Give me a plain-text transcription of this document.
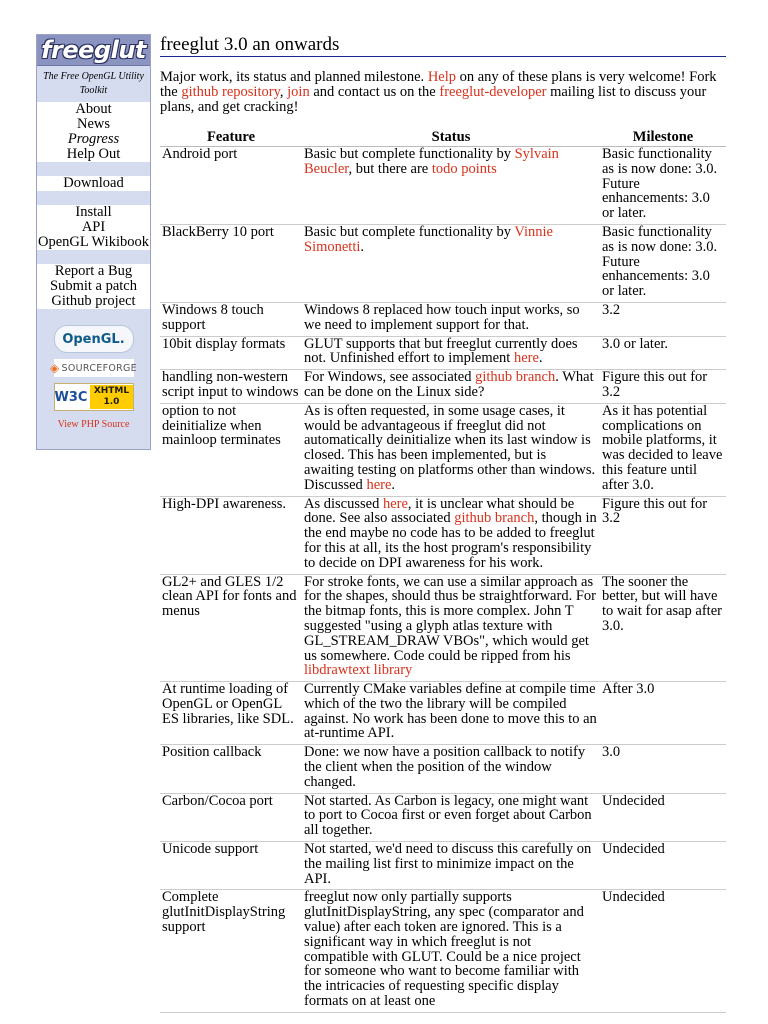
freeglut
The Free OpenGL Utility Toolkit
About
News
Progress
Help Out
Download
Install
API
OpenGL Wikibook
Report a Bug
Submit a patch
Github project
OpenGL.
◈ SOURCEFORGE
W3C XHTML 1.0
View PHP Source
freeglut 3.0 an onwards

Major work, its status and planned milestone. Help on any of these plans is very welcome! Fork the github repository, join and contact us on the freeglut-developer mailing list to discuss your plans, and get cracking!

Feature	Status	Milestone
Android port	Basic but complete functionality by Sylvain Beucler, but there are todo points	Basic functionality as is now done: 3.0. Future enhancements: 3.0 or later.
BlackBerry 10 port	Basic but complete functionality by Vinnie Simonetti.	Basic functionality as is now done: 3.0. Future enhancements: 3.0 or later.
Windows 8 touch support	Windows 8 replaced how touch input works, so we need to implement support for that.	3.2
10bit display formats	GLUT supports that but freeglut currently does not. Unfinished effort to implement here.	3.0 or later.
handling non-western script input to windows	For Windows, see associated github branch. What can be done on the Linux side?	Figure this out for 3.2
option to not deinitialize when mainloop terminates	As is often requested, in some usage cases, it would be advantageous if freeglut did not automatically deinitialize when its last window is closed. This has been implemented, but is awaiting testing on platforms other than windows. Discussed here.	As it has potential complications on mobile platforms, it was decided to leave this feature until after 3.0.
High-DPI awareness.	As discussed here, it is unclear what should be done. See also associated github branch, though in the end maybe no code has to be added to freeglut for this at all, its the host program's responsibility to decide on DPI awareness for his work.	Figure this out for 3.2
GL2+ and GLES 1/2 clean API for fonts and menus	For stroke fonts, we can use a similar approach as for the shapes, should thus be straightforward. For the bitmap fonts, this is more complex. John T suggested "using a glyph atlas texture with GL_STREAM_DRAW VBOs", which would get us somewhere. Code could be ripped from his libdrawtext library	The sooner the better, but will have to wait for asap after 3.0.
At runtime loading of OpenGL or OpenGL ES libraries, like SDL.	Currently CMake variables define at compile time which of the two the library will be compiled against. No work has been done to move this to an at-runtime API.	After 3.0
Position callback	Done: we now have a position callback to notify the client when the position of the window changed.	3.0
Carbon/Cocoa port	Not started. As Carbon is legacy, one might want to port to Cocoa first or even forget about Carbon all together.	Undecided
Unicode support	Not started, we'd need to discuss this carefully on the mailing list first to minimize impact on the API.	Undecided
Complete glutInitDisplayString support	freeglut now only partially supports glutInitDisplayString, any spec (comparator and value) after each token are ignored. This is a significant way in which freeglut is not compatible with GLUT. Could be a nice project for someone who want to become familiar with the intricacies of requesting specific display formats on at least one	Undecided
